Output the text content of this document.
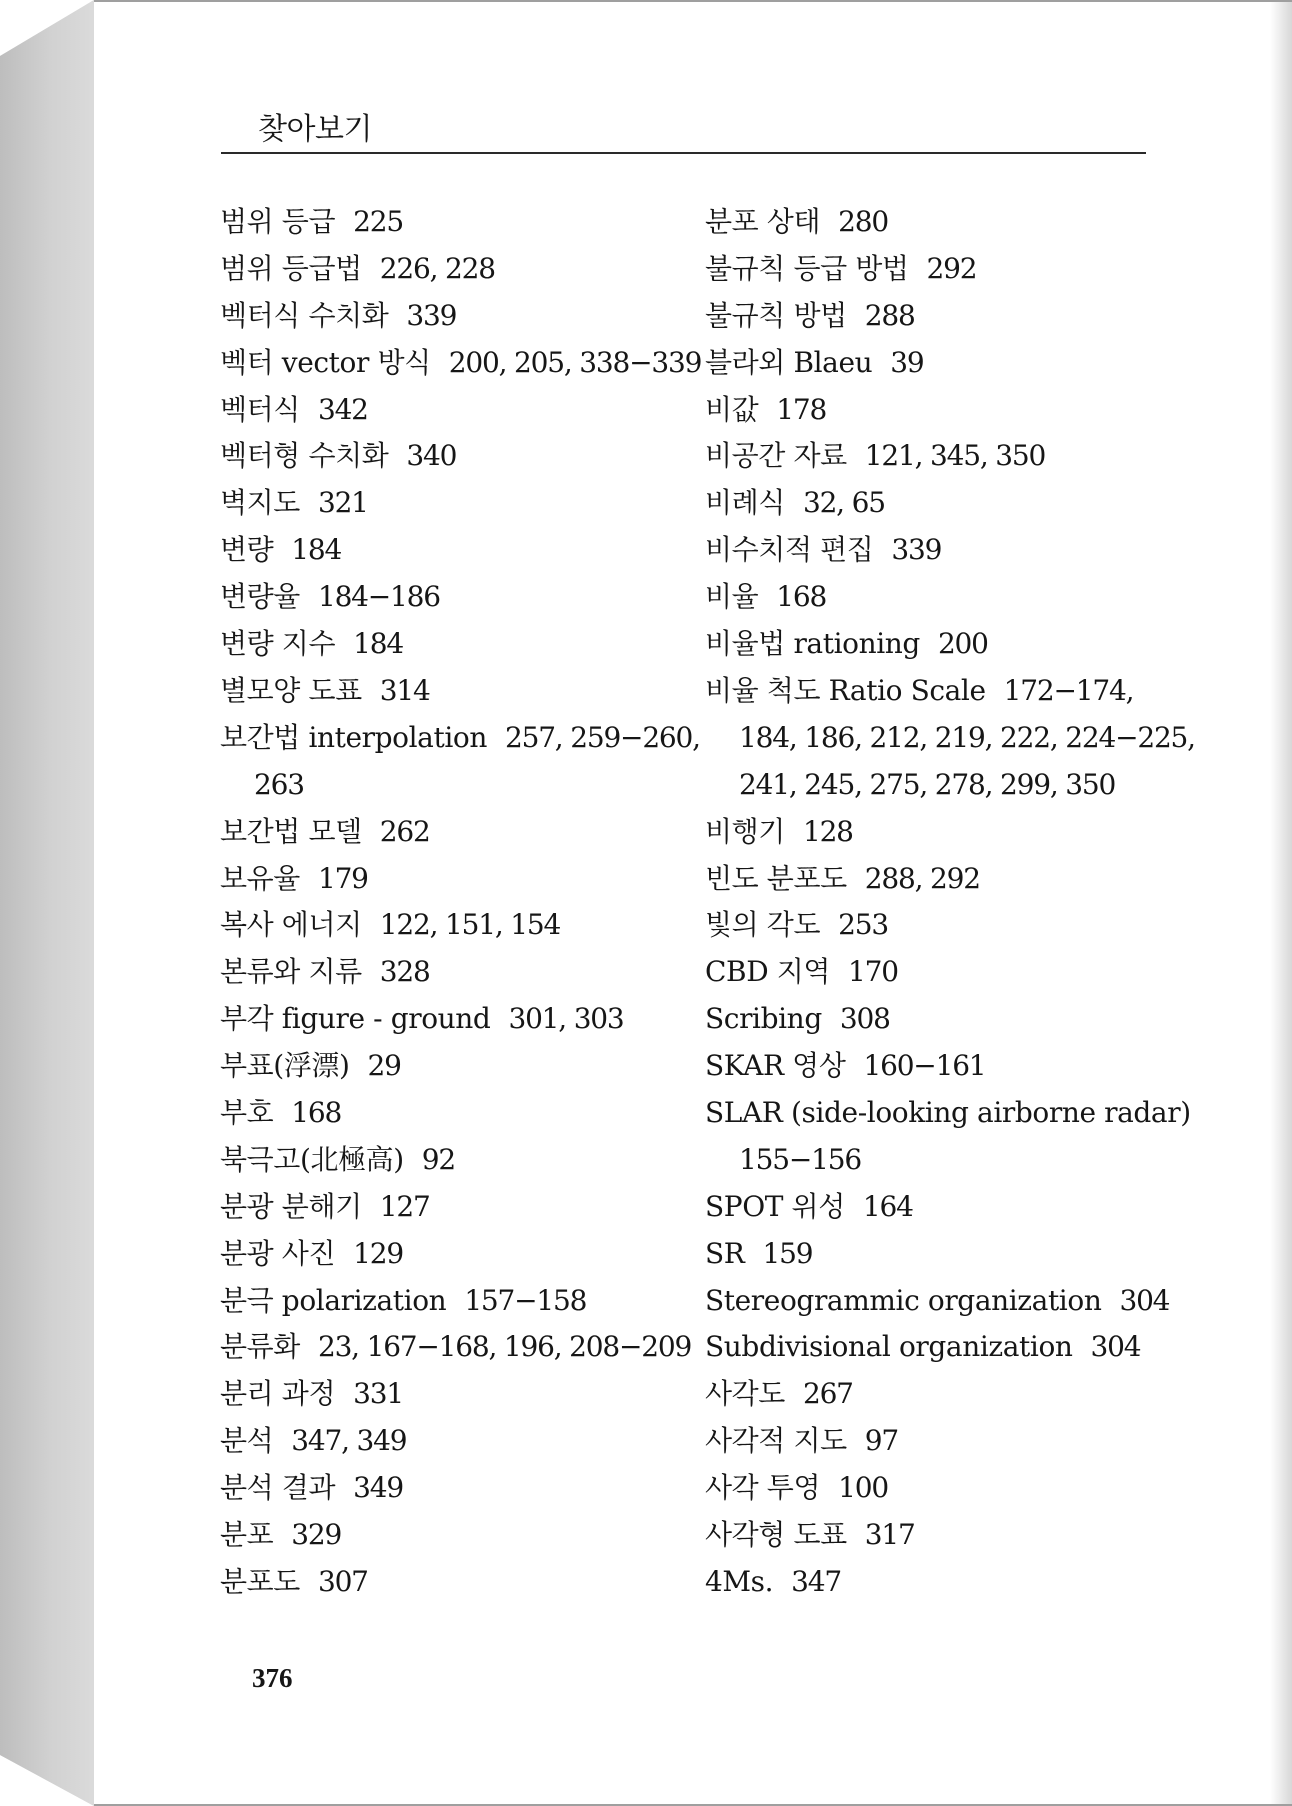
찾아보기
범위 등급 225
범위 등급법 226, 228
벡터식 수치화 339
벡터 vector 방식 200, 205, 338−339
벡터식 342
벡터형 수치화 340
벽지도 321
변량 184
변량율 184−186
변량 지수 184
별모양 도표 314
보간법 interpolation 257, 259−260,
263
보간법 모델 262
보유율 179
복사 에너지 122, 151, 154
본류와 지류 328
부각 figure - ground 301, 303
부표(浮漂) 29
부호 168
북극고(北極高) 92
분광 분해기 127
분광 사진 129
분극 polarization 157−158
분류화 23, 167−168, 196, 208−209
분리 과정 331
분석 347, 349
분석 결과 349
분포 329
분포도 307
분포 상태 280
불규칙 등급 방법 292
불규칙 방법 288
블라외 Blaeu 39
비값 178
비공간 자료 121, 345, 350
비례식 32, 65
비수치적 편집 339
비율 168
비율법 rationing 200
비율 척도 Ratio Scale 172−174,
184, 186, 212, 219, 222, 224−225,
241, 245, 275, 278, 299, 350
비행기 128
빈도 분포도 288, 292
빛의 각도 253
CBD 지역 170
Scribing 308
SKAR 영상 160−161
SLAR (side-looking airborne radar)
155−156
SPOT 위성 164
SR 159
Stereogrammic organization 304
Subdivisional organization 304
사각도 267
사각적 지도 97
사각 투영 100
사각형 도표 317
4Ms. 347
376
